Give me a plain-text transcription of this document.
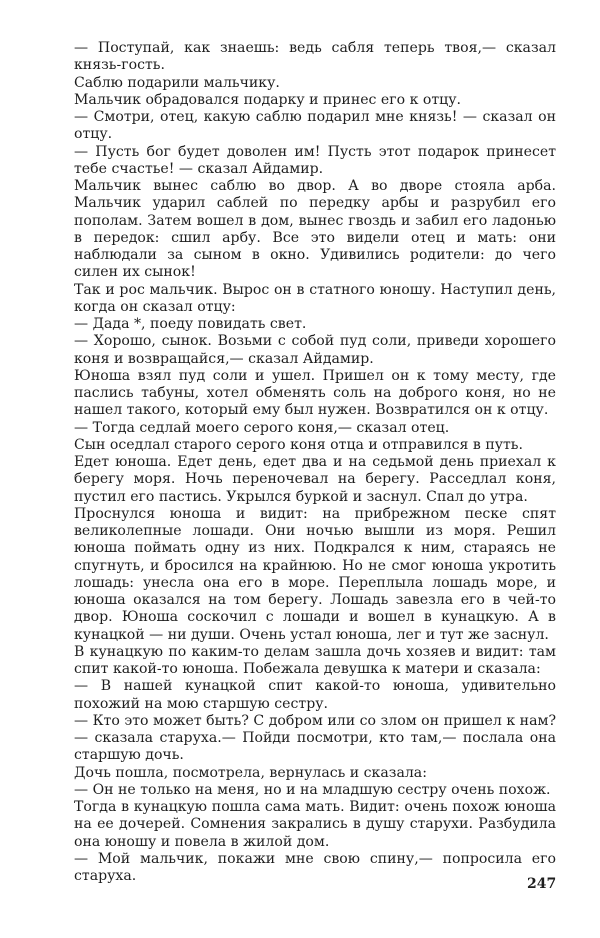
— Поступай, как знаешь: ведь сабля теперь твоя,— сказал князь-гость.

Саблю подарили мальчику.

Мальчик обрадовался подарку и принес его к отцу.

— Смотри, отец, какую саблю подарил мне князь! — сказал он отцу.

— Пусть бог будет доволен им! Пусть этот подарок принесет тебе счастье! — сказал Айдамир.

Мальчик вынес саблю во двор. А во дворе стояла арба. Мальчик ударил саблей по передку арбы и разрубил его пополам. Затем вошел в дом, вынес гвоздь и забил его ладонью в передок: сшил арбу. Все это видели отец и мать: они наблюдали за сыном в окно. Удивились родители: до чего силен их сынок!

Так и рос мальчик. Вырос он в статного юношу. Наступил день, когда он сказал отцу:

— Дада *, поеду повидать свет.

— Хорошо, сынок. Возьми с собой пуд соли, приведи хорошего коня и возвращайся,— сказал Айдамир.

Юноша взял пуд соли и ушел. Пришел он к тому месту, где паслись табуны, хотел обменять соль на доброго коня, но не нашел такого, который ему был нужен. Возвратился он к отцу.

— Тогда седлай моего серого коня,— сказал отец.

Сын оседлал старого серого коня отца и отправился в путь.

Едет юноша. Едет день, едет два и на седьмой день приехал к берегу моря. Ночь переночевал на берегу. Расседлал коня, пустил его пастись. Укрылся буркой и заснул. Спал до утра.

Проснулся юноша и видит: на прибрежном песке спят великолепные лошади. Они ночью вышли из моря. Решил юноша поймать одну из них. Подкрался к ним, стараясь не спугнуть, и бросился на крайнюю. Но не смог юноша укротить лошадь: унесла она его в море. Переплыла лошадь море, и юноша оказался на том берегу. Лошадь завезла его в чей-то двор. Юноша соскочил с лошади и вошел в кунацкую. А в кунацкой — ни души. Очень устал юноша, лег и тут же заснул.

В кунацкую по каким-то делам зашла дочь хозяев и видит: там спит какой-то юноша. Побежала девушка к матери и сказала:

— В нашей кунацкой спит какой-то юноша, удивительно похожий на мою старшую сестру.

— Кто это может быть? С добром или со злом он пришел к нам? — сказала старуха.— Пойди посмотри, кто там,— послала она старшую дочь.

Дочь пошла, посмотрела, вернулась и сказала:

— Он не только на меня, но и на младшую сестру очень похож.

Тогда в кунацкую пошла сама мать. Видит: очень похож юноша на ее дочерей. Сомнения закрались в душу старухи. Разбудила она юношу и повела в жилой дом.

— Мой мальчик, покажи мне свою спину,— попросила его старуха.	247
